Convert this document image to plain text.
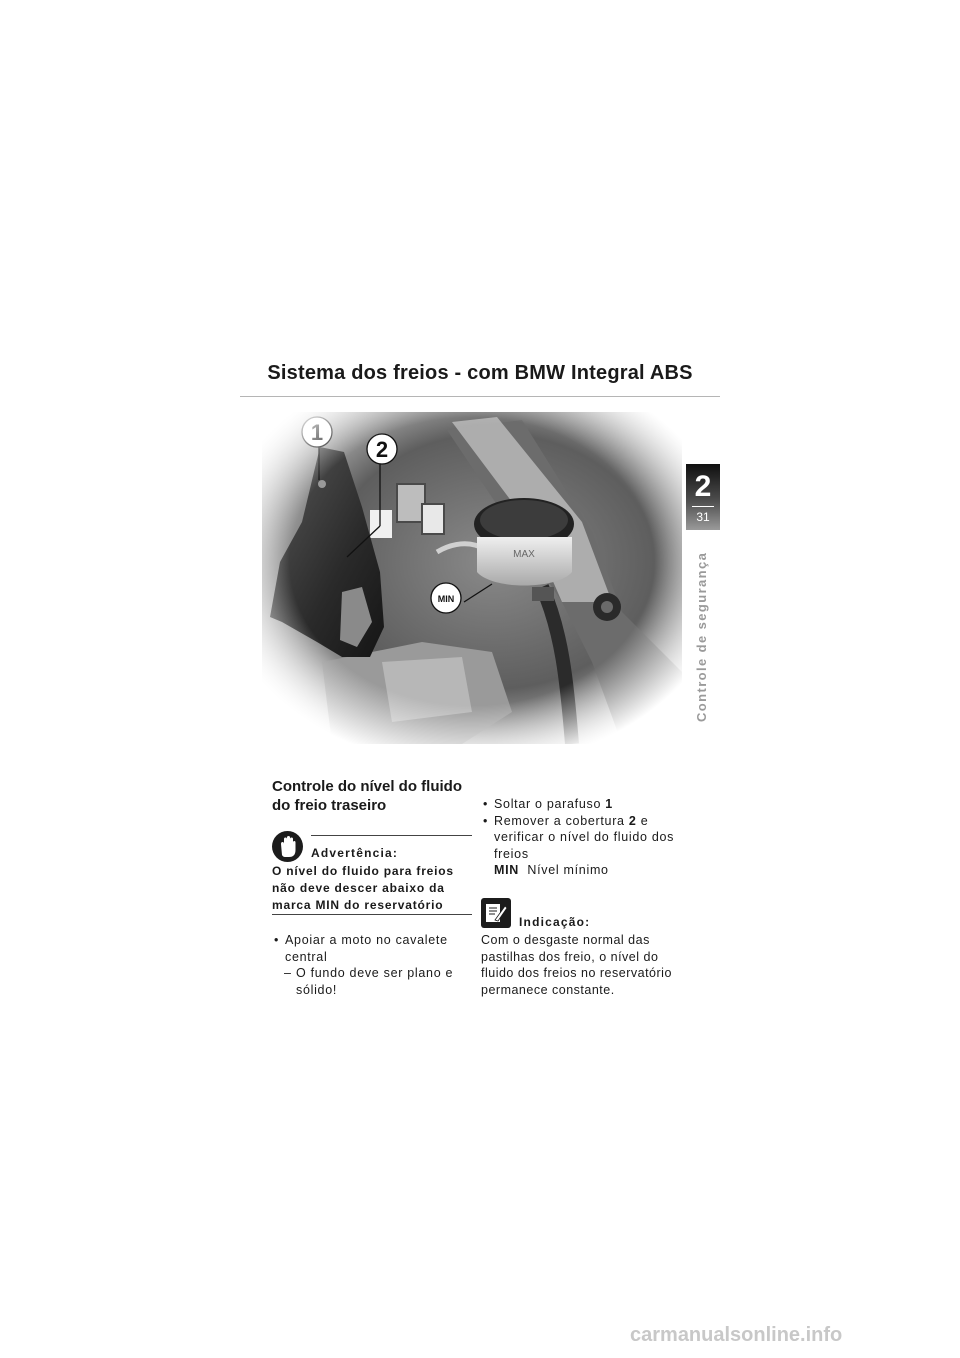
Sistema dos freios - com BMW Integral ABS
2
31
Controle de segurança
Controle do nível do fluido
do freio traseiro
Advertência:
O nível do fluido para freios
não deve descer abaixo da
marca MIN do reservatório
• Apoiar a moto no cavalete
central
– O fundo deve ser plano e
sólido!
• Soltar o parafuso 1
• Remover a cobertura 2 e
verificar o nível do fluido dos
freios
MIN Nível mínimo
Indicação:
Com o desgaste normal das
pastilhas dos freio, o nível do
fluido dos freios no reservatório
permanece constante.
carmanualsonline.info
